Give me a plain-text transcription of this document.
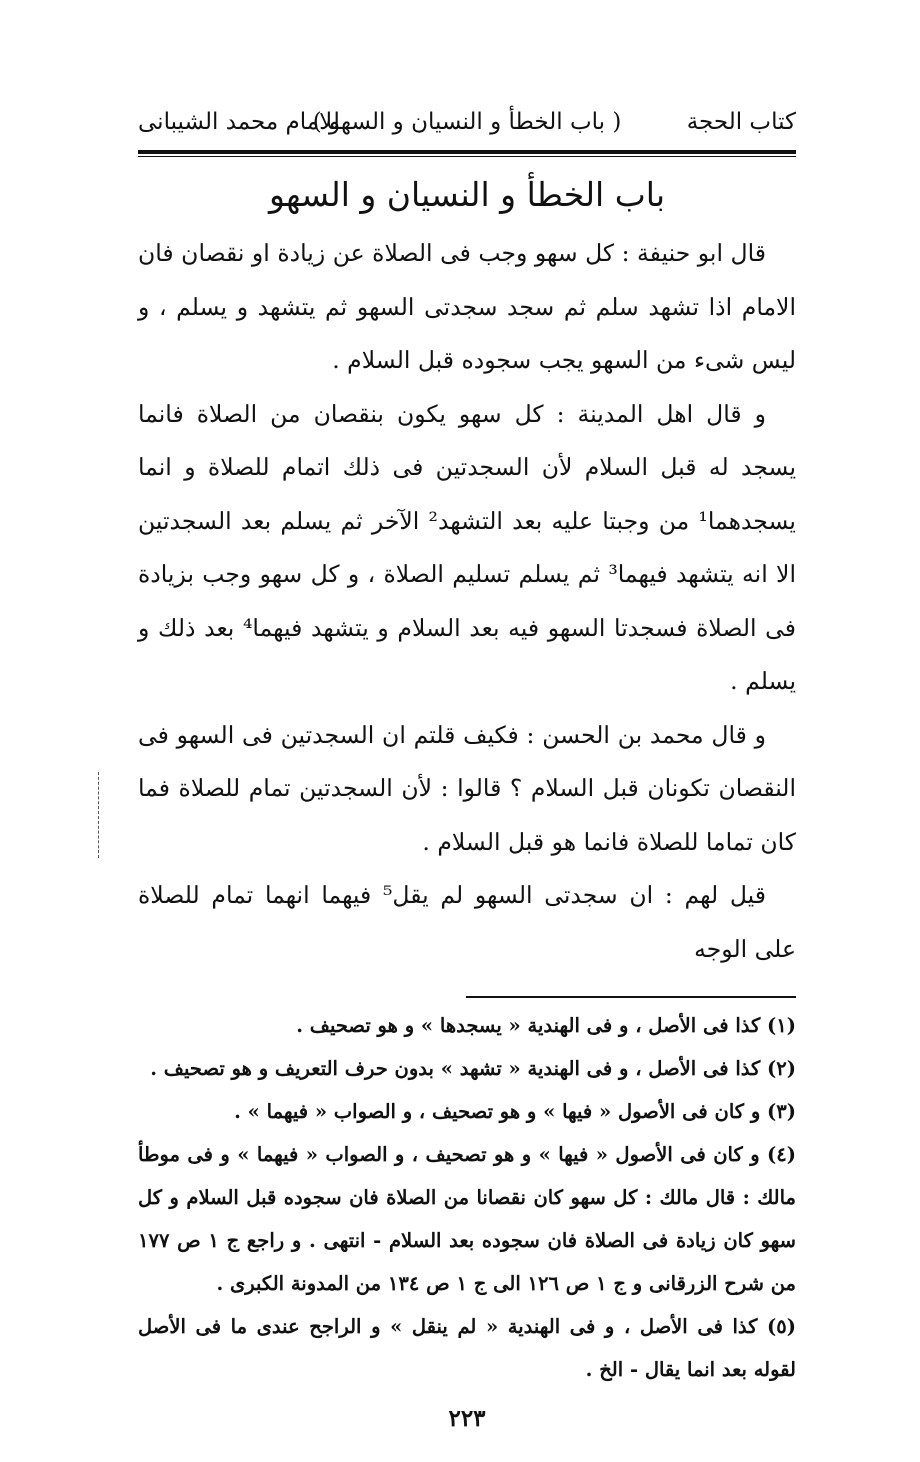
كتاب الحجة
( باب الخطأ و النسيان و السهو )
للامام محمد الشيبانى
باب الخطأ و النسيان و السهو

قال ابو حنيفة : كل سهو وجب فى الصلاة عن زيادة او نقصان فان الامام اذا تشهد سلم ثم سجد سجدتى السهو ثم يتشهد و يسلم ، و ليس شىء من السهو يجب سجوده قبل السلام .

و قال اهل المدينة : كل سهو يكون بنقصان من الصلاة فانما يسجد له قبل السلام لأن السجدتين فى ذلك اتمام للصلاة و انما يسجدهما¹ من وجبتا عليه بعد التشهد² الآخر ثم يسلم بعد السجدتين الا انه يتشهد فيهما³ ثم يسلم تسليم الصلاة ، و كل سهو وجب بزيادة فى الصلاة فسجدتا السهو فيه بعد السلام و يتشهد فيهما⁴ بعد ذلك و يسلم .

و قال محمد بن الحسن : فكيف قلتم ان السجدتين فى السهو فى النقصان تكونان قبل السلام ؟ قالوا : لأن السجدتين تمام للصلاة فما كان تماما للصلاة فانما هو قبل السلام .

قيل لهم : ان سجدتى السهو لم يقل⁵ فيهما انهما تمام للصلاة على الوجه

(١) كذا فى الأصل ، و فى الهندية « يسجدها » و هو تصحيف .

(٢) كذا فى الأصل ، و فى الهندية « تشهد » بدون حرف التعريف و هو تصحيف .

(٣) و كان فى الأصول « فيها » و هو تصحيف ، و الصواب « فيهما » .

(٤) و كان فى الأصول « فيها » و هو تصحيف ، و الصواب « فيهما » و فى موطأ مالك : قال مالك : كل سهو كان نقصانا من الصلاة فان سجوده قبل السلام و كل سهو كان زيادة فى الصلاة فان سجوده بعد السلام - انتهى . و راجع ج ١ ص ١٧٧ من شرح الزرقانى و ج ١ ص ١٢٦ الى ج ١ ص ١٣٤ من المدونة الكبرى .

(٥) كذا فى الأصل ، و فى الهندية « لم ينقل » و الراجح عندى ما فى الأصل لقوله بعد انما يقال - الخ .

٢٢٣
